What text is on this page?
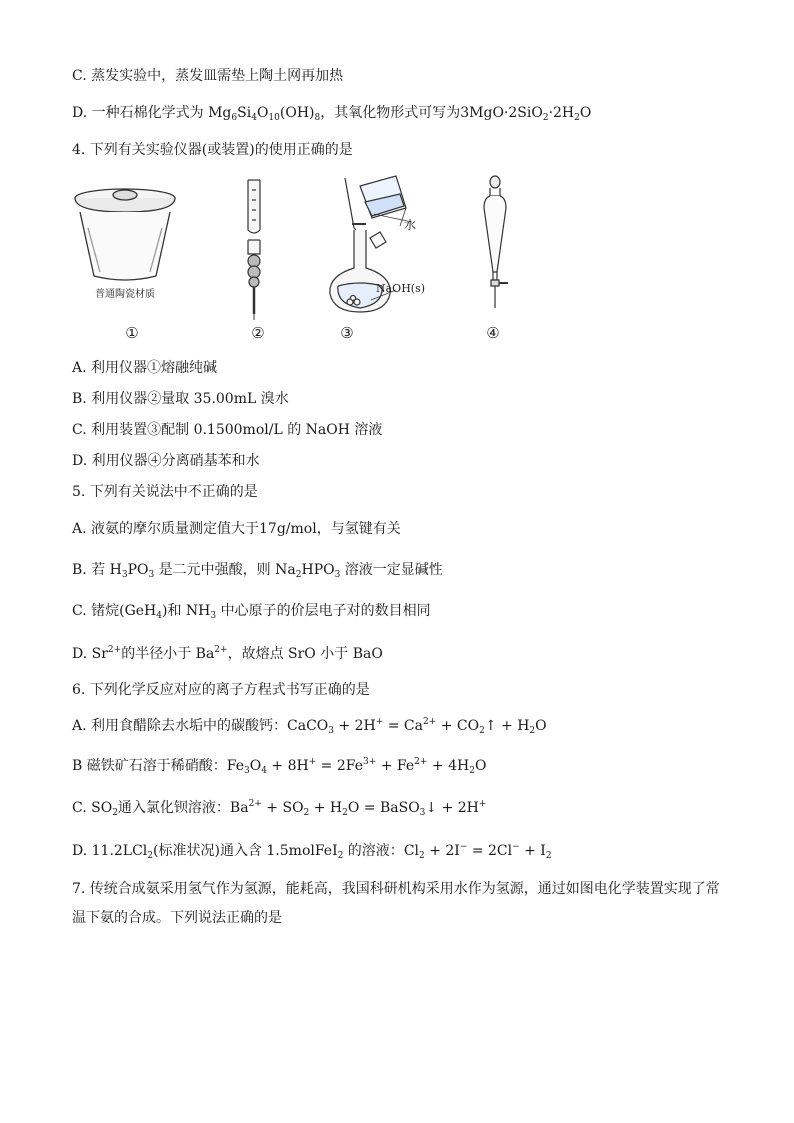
C. 蒸发实验中，蒸发皿需垫上陶土网再加热
D. 一种石棉化学式为 $Mg_6Si_4O_{10}(OH)_8$，其氧化物形式可写为$3MgO\cdot 2SiO_2\cdot 2H_2O$
4. 下列有关实验仪器(或装置)的使用正确的是
普通陶瓷材质
水
NaOH(s)
①	②	③	④
A. 利用仪器①熔融纯碱
B. 利用仪器②量取 35.00mL 溴水
C. 利用装置③配制 0.1500mol/L 的 NaOH 溶液
D. 利用仪器④分离硝基苯和水
5. 下列有关说法中不正确的是
A. 液氨的摩尔质量测定值大于17g/mol，与氢键有关
B. 若 $H_3PO_3$ 是二元中强酸，则 $Na_2HPO_3$ 溶液一定显碱性
C. 锗烷(GeH$_4$)和 $NH_3$ 中心原子的价层电子对的数目相同
D. $Sr^{2+}$的半径小于 $Ba^{2+}$，故熔点 SrO 小于 BaO
6. 下列化学反应对应的离子方程式书写正确的是
A. 利用食醋除去水垢中的碳酸钙：CaCO$_3$ + $2H^+ = Ca^{2+}$ + $CO_2↑ + H_2O$
B 磁铁矿石溶于稀硝酸：$Fe_3O_4 + 8H^+ = 2Fe^{3+} + Fe^{2+} + 4H_2O$
C. $SO_2$通入氯化钡溶液：$Ba^{2+} + SO_2 + H_2O$ = BaSO$_3$↓ + 2H+
D. 11.2LCl$_2$(标准状况)通入含 1.5molFeI$_2$ 的溶液：$Cl_2 + 2I^- = 2Cl^- + I_2$
7. 传统合成氨采用氢气作为氢源，能耗高，我国科研机构采用水作为氢源，通过如图电化学装置实现了常
温下氨的合成。下列说法正确的是
